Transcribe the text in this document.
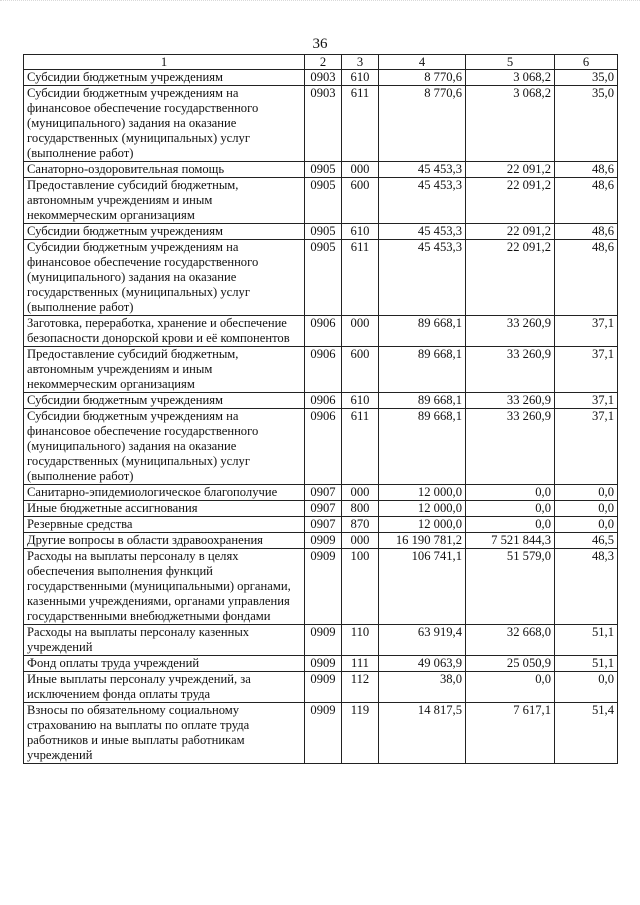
36
1	2	3	4	5	6
Субсидии бюджетным учреждениям	0903	610	8 770,6	3 068,2	35,0
Субсидии бюджетным учреждениям на финансовое обеспечение государственного (муниципального) задания на оказание государственных (муниципальных) услуг (выполнение работ)	0903	611	8 770,6	3 068,2	35,0
Санаторно-оздоровительная помощь	0905	000	45 453,3	22 091,2	48,6
Предоставление субсидий бюджетным, автономным учреждениям и иным некоммерческим организациям	0905	600	45 453,3	22 091,2	48,6
Субсидии бюджетным учреждениям	0905	610	45 453,3	22 091,2	48,6
Субсидии бюджетным учреждениям на финансовое обеспечение государственного (муниципального) задания на оказание государственных (муниципальных) услуг (выполнение работ)	0905	611	45 453,3	22 091,2	48,6
Заготовка, переработка, хранение и обеспечение безопасности донорской крови и её компонентов	0906	000	89 668,1	33 260,9	37,1
Предоставление субсидий бюджетным, автономным учреждениям и иным некоммерческим организациям	0906	600	89 668,1	33 260,9	37,1
Субсидии бюджетным учреждениям	0906	610	89 668,1	33 260,9	37,1
Субсидии бюджетным учреждениям на финансовое обеспечение государственного (муниципального) задания на оказание государственных (муниципальных) услуг (выполнение работ)	0906	611	89 668,1	33 260,9	37,1
Санитарно-эпидемиологическое благополучие	0907	000	12 000,0	0,0	0,0
Иные бюджетные ассигнования	0907	800	12 000,0	0,0	0,0
Резервные средства	0907	870	12 000,0	0,0	0,0
Другие вопросы в области здравоохранения	0909	000	16 190 781,2	7 521 844,3	46,5
Расходы на выплаты персоналу в целях обеспечения выполнения функций государственными (муниципальными) органами, казенными учреждениями, органами управления государственными внебюджетными фондами	0909	100	106 741,1	51 579,0	48,3
Расходы на выплаты персоналу казенных учреждений	0909	110	63 919,4	32 668,0	51,1
Фонд оплаты труда учреждений	0909	111	49 063,9	25 050,9	51,1
Иные выплаты персоналу учреждений, за исключением фонда оплаты труда	0909	112	38,0	0,0	0,0
Взносы по обязательному социальному страхованию на выплаты по оплате труда работников и иные выплаты работникам учреждений	0909	119	14 817,5	7 617,1	51,4
